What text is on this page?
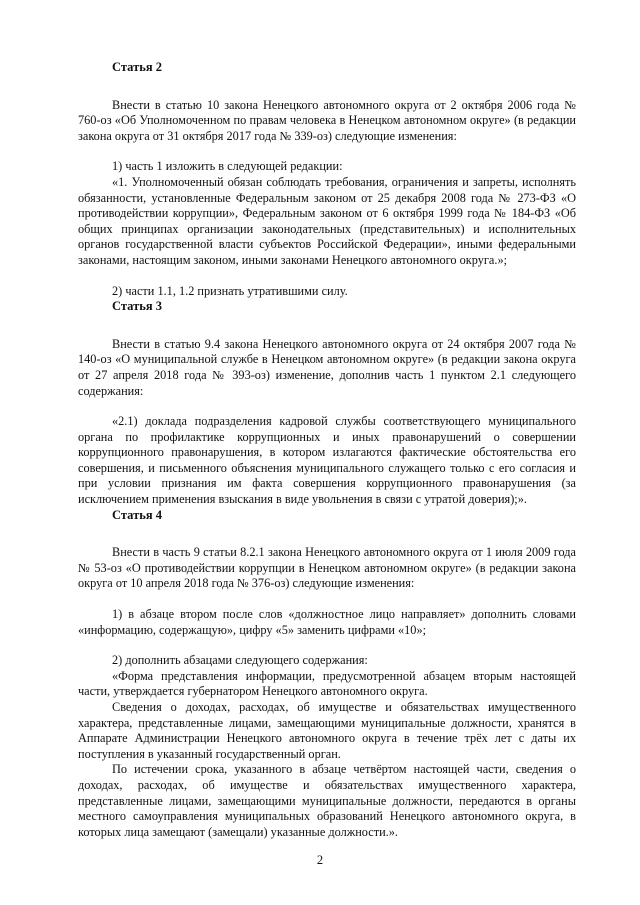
Статья 2

Внести в статью 10 закона Ненецкого автономного округа от 2 октября 2006 года № 760-оз «Об Уполномоченном по правам человека в Ненецком автономном округе» (в редакции закона округа от 31 октября 2017 года № 339-оз) следующие изменения:

1) часть 1 изложить в следующей редакции:

«1. Уполномоченный обязан соблюдать требования, ограничения и запреты, исполнять обязанности, установленные Федеральным законом от 25 декабря 2008 года № 273-ФЗ «О противодействии коррупции», Федеральным законом от 6 октября 1999 года № 184-ФЗ «Об общих принципах организации законодательных (представительных) и исполнительных органов государственной власти субъектов Российской Федерации», иными федеральными законами, настоящим законом, иными законами Ненецкого автономного округа.»;

2) части 1.1, 1.2 признать утратившими силу.

Статья 3

Внести в статью 9.4 закона Ненецкого автономного округа от 24 октября 2007 года № 140-оз «О муниципальной службе в Ненецком автономном округе» (в редакции закона округа от 27 апреля 2018 года № 393-оз) изменение, дополнив часть 1 пунктом 2.1 следующего содержания:

«2.1) доклада подразделения кадровой службы соответствующего муниципального органа по профилактике коррупционных и иных правонарушений о совершении коррупционного правонарушения, в котором излагаются фактические обстоятельства его совершения, и письменного объяснения муниципального служащего только с его согласия и при условии признания им факта совершения коррупционного правонарушения (за исключением применения взыскания в виде увольнения в связи с утратой доверия);».

Статья 4

Внести в часть 9 статьи 8.2.1 закона Ненецкого автономного округа от 1 июля 2009 года № 53-оз «О противодействии коррупции в Ненецком автономном округе» (в редакции закона округа от 10 апреля 2018 года № 376-оз) следующие изменения:

1) в абзаце втором после слов «должностное лицо направляет» дополнить словами «информацию, содержащую», цифру «5» заменить цифрами «10»;

2) дополнить абзацами следующего содержания:

«Форма представления информации, предусмотренной абзацем вторым настоящей части, утверждается губернатором Ненецкого автономного округа.

Сведения о доходах, расходах, об имуществе и обязательствах имущественного характера, представленные лицами, замещающими муниципальные должности, хранятся в Аппарате Администрации Ненецкого автономного округа в течение трёх лет с даты их поступления в указанный государственный орган.

По истечении срока, указанного в абзаце четвёртом настоящей части, сведения о доходах, расходах, об имуществе и обязательствах имущественного характера, представленные лицами, замещающими муниципальные должности, передаются в органы местного самоуправления муниципальных образований Ненецкого автономного округа, в которых лица замещают (замещали) указанные должности.».

2
